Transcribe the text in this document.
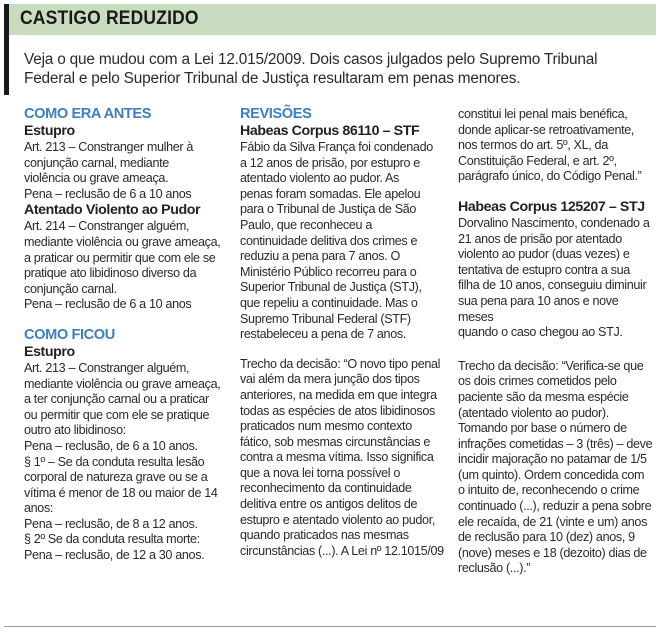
CASTIGO REDUZIDO
Veja o que mudou com a Lei 12.015/2009. Dois casos julgados pelo Supremo Tribunal Federal e pelo Superior Tribunal de Justiça resultaram em penas menores.
COMO ERA ANTES
Estupro
Art. 213 – Constranger mulher à
conjunção carnal, mediante
violência ou grave ameaça.
Pena – reclusão de 6 a 10 anos
Atentado Violento ao Pudor
Art. 214 – Constranger alguém,
mediante violência ou grave ameaça,
a praticar ou permitir que com ele se
pratique ato libidinoso diverso da
conjunção carnal.
Pena – reclusão de 6 a 10 anos
COMO FICOU
Estupro
Art. 213 – Constranger alguém,
mediante violência ou grave ameaça,
a ter conjunção carnal ou a praticar
ou permitir que com ele se pratique
outro ato libidinoso:
Pena – reclusão, de 6 a 10 anos.
§ 1º – Se da conduta resulta lesão
corporal de natureza grave ou se a
vítima é menor de 18 ou maior de 14
anos:
Pena – reclusão, de 8 a 12 anos.
§ 2º Se da conduta resulta morte:
Pena – reclusão, de 12 a 30 anos.
REVISÕES
Habeas Corpus 86110 – STF
Fábio da Silva França foi condenado
a 12 anos de prisão, por estupro e
atentado violento ao pudor. As
penas foram somadas. Ele apelou
para o Tribunal de Justiça de São
Paulo, que reconheceu a
continuidade delitiva dos crimes e
reduziu a pena para 7 anos. O
Ministério Público recorreu para o
Superior Tribunal de Justiça (STJ),
que repeliu a continuidade. Mas o
Supremo Tribunal Federal (STF)
restabeleceu a pena de 7 anos.
Trecho da decisão: “O novo tipo penal
vai além da mera junção dos tipos
anteriores, na medida em que integra
todas as espécies de atos libidinosos
praticados num mesmo contexto
fático, sob mesmas circunstâncias e
contra a mesma vítima. Isso significa
que a nova lei torna possível o
reconhecimento da continuidade
delitiva entre os antigos delitos de
estupro e atentado violento ao pudor,
quando praticados nas mesmas
circunstâncias (...). A Lei nº 12.1015/09
constitui lei penal mais benéfica,
donde aplicar-se retroativamente,
nos termos do art. 5º, XL, da
Constituição Federal, e art. 2º,
parágrafo único, do Código Penal.”
Habeas Corpus 125207 – STJ
Dorvalino Nascimento, condenado a
21 anos de prisão por atentado
violento ao pudor (duas vezes) e
tentativa de estupro contra a sua
filha de 10 anos, conseguiu diminuir
sua pena para 10 anos e nove meses
quando o caso chegou ao STJ.
Trecho da decisão: “Verifica-se que
os dois crimes cometidos pelo
paciente são da mesma espécie
(atentado violento ao pudor).
Tomando por base o número de
infrações cometidas – 3 (três) – deve
incidir majoração no patamar de 1/5
(um quinto). Ordem concedida com
o intuito de, reconhecendo o crime
continuado (...), reduzir a pena sobre
ele recaída, de 21 (vinte e um) anos
de reclusão para 10 (dez) anos, 9
(nove) meses e 18 (dezoito) dias de
reclusão (...).”
